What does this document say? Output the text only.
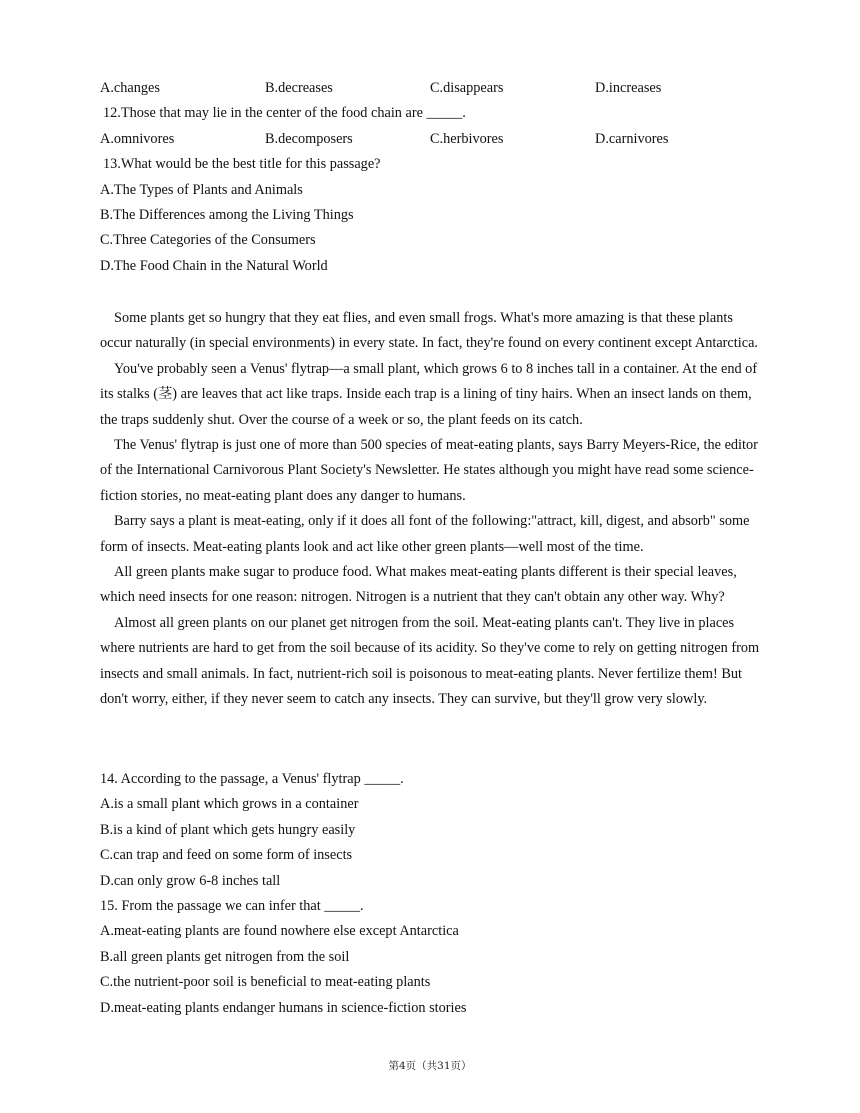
A.changes	B.decreases	C.disappears	D.increases
12.Those that may lie in the center of the food chain are _____.
A.omnivores	B.decomposers	C.herbivores	D.carnivores
13.What would be the best title for this passage?
A.The Types of Plants and Animals
B.The Differences among the Living Things
C.Three Categories of the Consumers
D.The Food Chain in the Natural World
Some plants get so hungry that they eat flies, and even small frogs. What's more amazing is that these plants occur naturally (in special environments) in every state. In fact, they're found on every continent except Antarctica.
You've probably seen a Venus' flytrap—a small plant, which grows 6 to 8 inches tall in a container. At the end of its stalks (茎) are leaves that act like traps. Inside each trap is a lining of tiny hairs. When an insect lands on them, the traps suddenly shut. Over the course of a week or so, the plant feeds on its catch.
The Venus' flytrap is just one of more than 500 species of meat-eating plants, says Barry Meyers-Rice, the editor of the International Carnivorous Plant Society's Newsletter. He states although you might have read some science-fiction stories, no meat-eating plant does any danger to humans.
Barry says a plant is meat-eating, only if it does all font of the following:"attract, kill, digest, and absorb" some form of insects. Meat-eating plants look and act like other green plants—well most of the time.
All green plants make sugar to produce food. What makes meat-eating plants different is their special leaves, which need insects for one reason: nitrogen. Nitrogen is a nutrient that they can't obtain any other way. Why?
Almost all green plants on our planet get nitrogen from the soil. Meat-eating plants can't. They live in places where nutrients are hard to get from the soil because of its acidity. So they've come to rely on getting nitrogen from insects and small animals. In fact, nutrient-rich soil is poisonous to meat-eating plants. Never fertilize them! But don't worry, either, if they never seem to catch any insects. They can survive, but they'll grow very slowly.
14. According to the passage, a Venus' flytrap _____.
A.is a small plant which grows in a container
B.is a kind of plant which gets hungry easily
C.can trap and feed on some form of insects
D.can only grow 6-8 inches tall
15. From the passage we can infer that _____.
A.meat-eating plants are found nowhere else except Antarctica
B.all green plants get nitrogen from the soil
C.the nutrient-poor soil is beneficial to meat-eating plants
D.meat-eating plants endanger humans in science-fiction stories
第4页（共31页）
